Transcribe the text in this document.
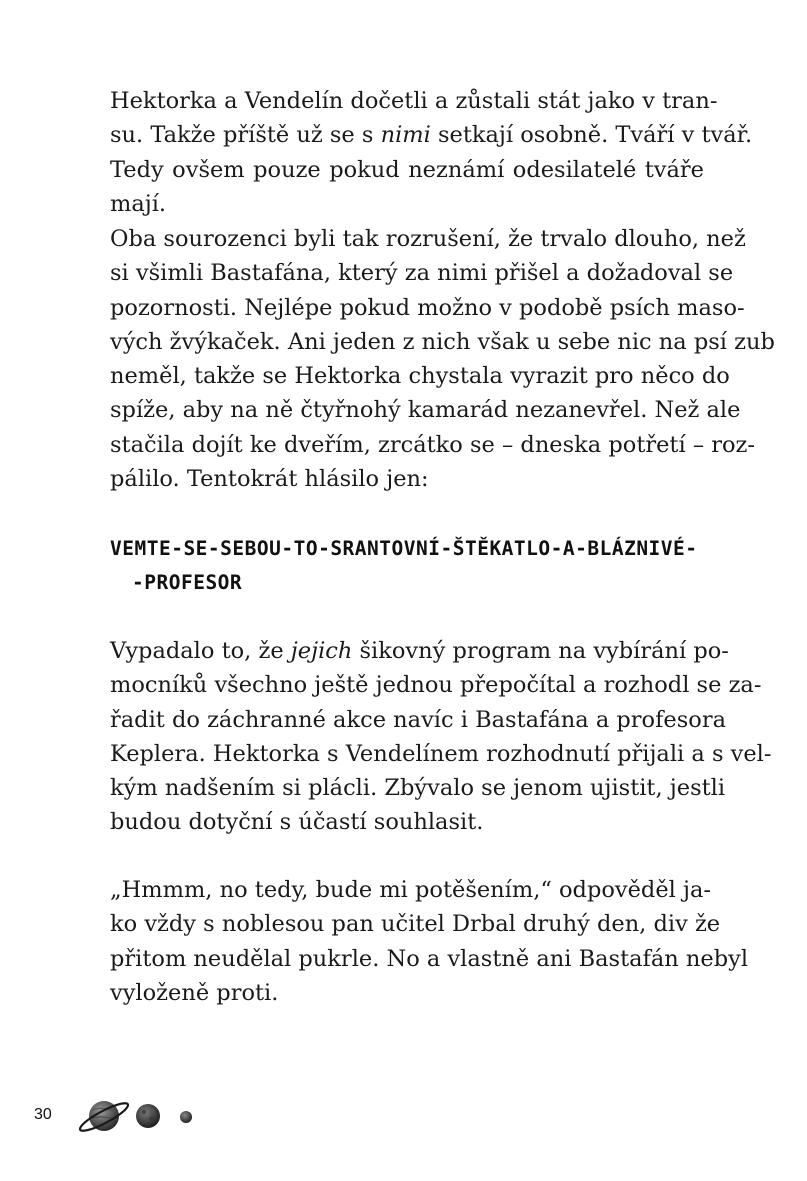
Hektorka a Vendelín dočetli a zůstali stát jako v tran-
su. Takže příště už se s nimi setkají osobně. Tváří v tvář.
Tedy ovšem pouze pokud neznámí odesilatelé tváře
mají.
Oba sourozenci byli tak rozrušení, že trvalo dlouho, než
si všimli Bastafána, který za nimi přišel a dožadoval se
pozornosti. Nejlépe pokud možno v podobě psích maso-
vých žvýkaček. Ani jeden z nich však u sebe nic na psí zub
neměl, takže se Hektorka chystala vyrazit pro něco do
spíže, aby na ně čtyřnohý kamarád nezanevřel. Než ale
stačila dojít ke dveřím, zrcátko se – dneska potřetí – roz-
pálilo. Tentokrát hlásilo jen:
VEMTE-SE-SEBOU-TO-SRANTOVNÍ-ŠTĚKATLO-A-BLÁZNIVÉ-
-PROFESOR
Vypadalo to, že jejich šikovný program na vybírání po-
mocníků všechno ještě jednou přepočítal a rozhodl se za-
řadit do záchranné akce navíc i Bastafána a profesora
Keplera. Hektorka s Vendelínem rozhodnutí přijali a s vel-
kým nadšením si plácli. Zbývalo se jenom ujistit, jestli
budou dotyční s účastí souhlasit.
„Hmmm, no tedy, bude mi potěšením,“ odpověděl ja-
ko vždy s noblesou pan učitel Drbal druhý den, div že
přitom neudělal pukrle. No a vlastně ani Bastafán nebyl
vyloženě proti.
30
